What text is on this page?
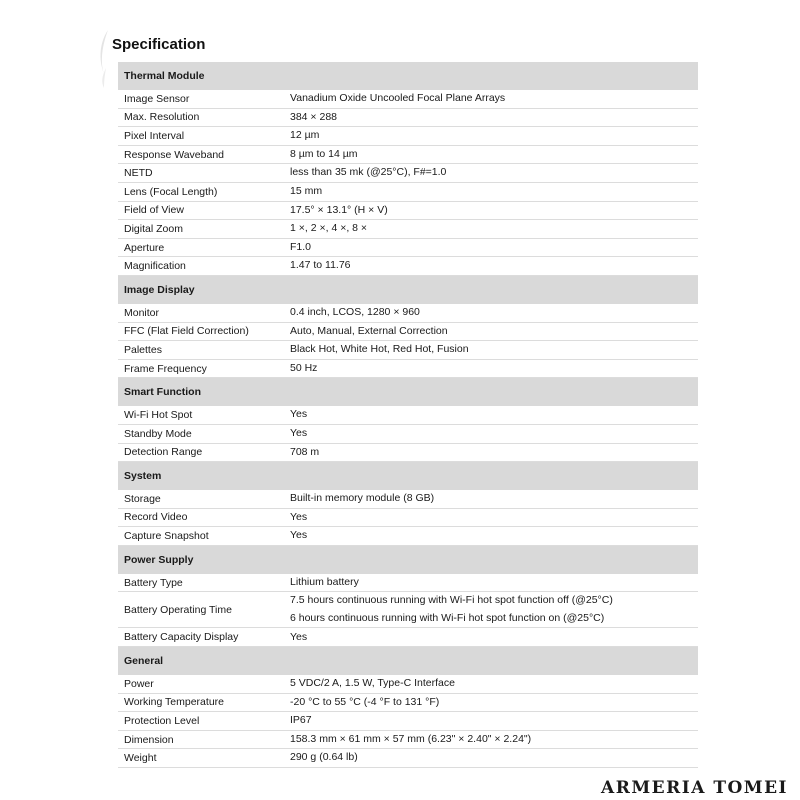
Specification
Thermal Module	
Image Sensor	Vanadium Oxide Uncooled Focal Plane Arrays

Max. Resolution	384 × 288

Pixel Interval	12 µm

Response Waveband	8 µm to 14 µm

NETD	less than 35 mk (@25°C), F#=1.0

Lens (Focal Length)	15 mm

Field of View	17.5° × 13.1° (H × V)

Digital Zoom	1 ×, 2 ×, 4 ×, 8 ×

Aperture	F1.0

Magnification	1.47 to 11.76

Image Display	
Monitor	0.4 inch, LCOS, 1280 × 960

FFC (Flat Field Correction)	Auto, Manual, External Correction

Palettes	Black Hot, White Hot, Red Hot, Fusion

Frame Frequency	50 Hz

Smart Function	
Wi-Fi Hot Spot	Yes

Standby Mode	Yes

Detection Range	708 m

System	
Storage	Built-in memory module (8 GB)

Record Video	Yes

Capture Snapshot	Yes

Power Supply	
Battery Type	Lithium battery

Battery Operating Time	7.5 hours continuous running with Wi-Fi hot spot function off (@25°C)
6 hours continuous running with Wi-Fi hot spot function on (@25°C)

Battery Capacity Display	Yes

General	
Power	5 VDC/2 A, 1.5 W, Type-C Interface

Working Temperature	-20 °C to 55 °C (-4 °F to 131 °F)

Protection Level	IP67

Dimension	158.3 mm × 61 mm × 57 mm (6.23" × 2.40" × 2.24")

Weight	290 g (0.64 lb)
ARMERIA TOMEI
